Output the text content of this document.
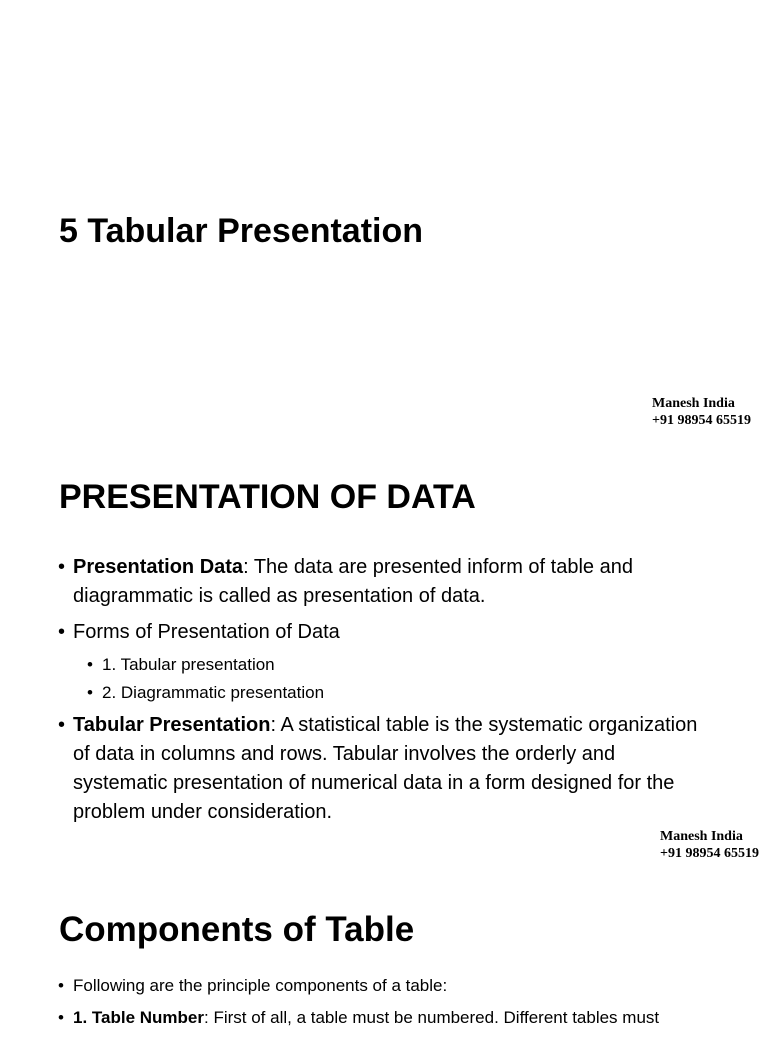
5 Tabular Presentation
Manesh India
+91 98954 65519
PRESENTATION OF DATA
• Presentation Data: The data are presented inform of table and diagrammatic is called as presentation of data.
• Forms of Presentation of Data
• 1. Tabular presentation
• 2. Diagrammatic presentation
• Tabular Presentation: A statistical table is the systematic organization of data in columns and rows. Tabular involves the orderly and systematic presentation of numerical data in a form designed for the problem under consideration.
Manesh India
+91 98954 65519
Components of Table
• Following are the principle components of a table:
• 1. Table Number: First of all, a table must be numbered. Different tables must
